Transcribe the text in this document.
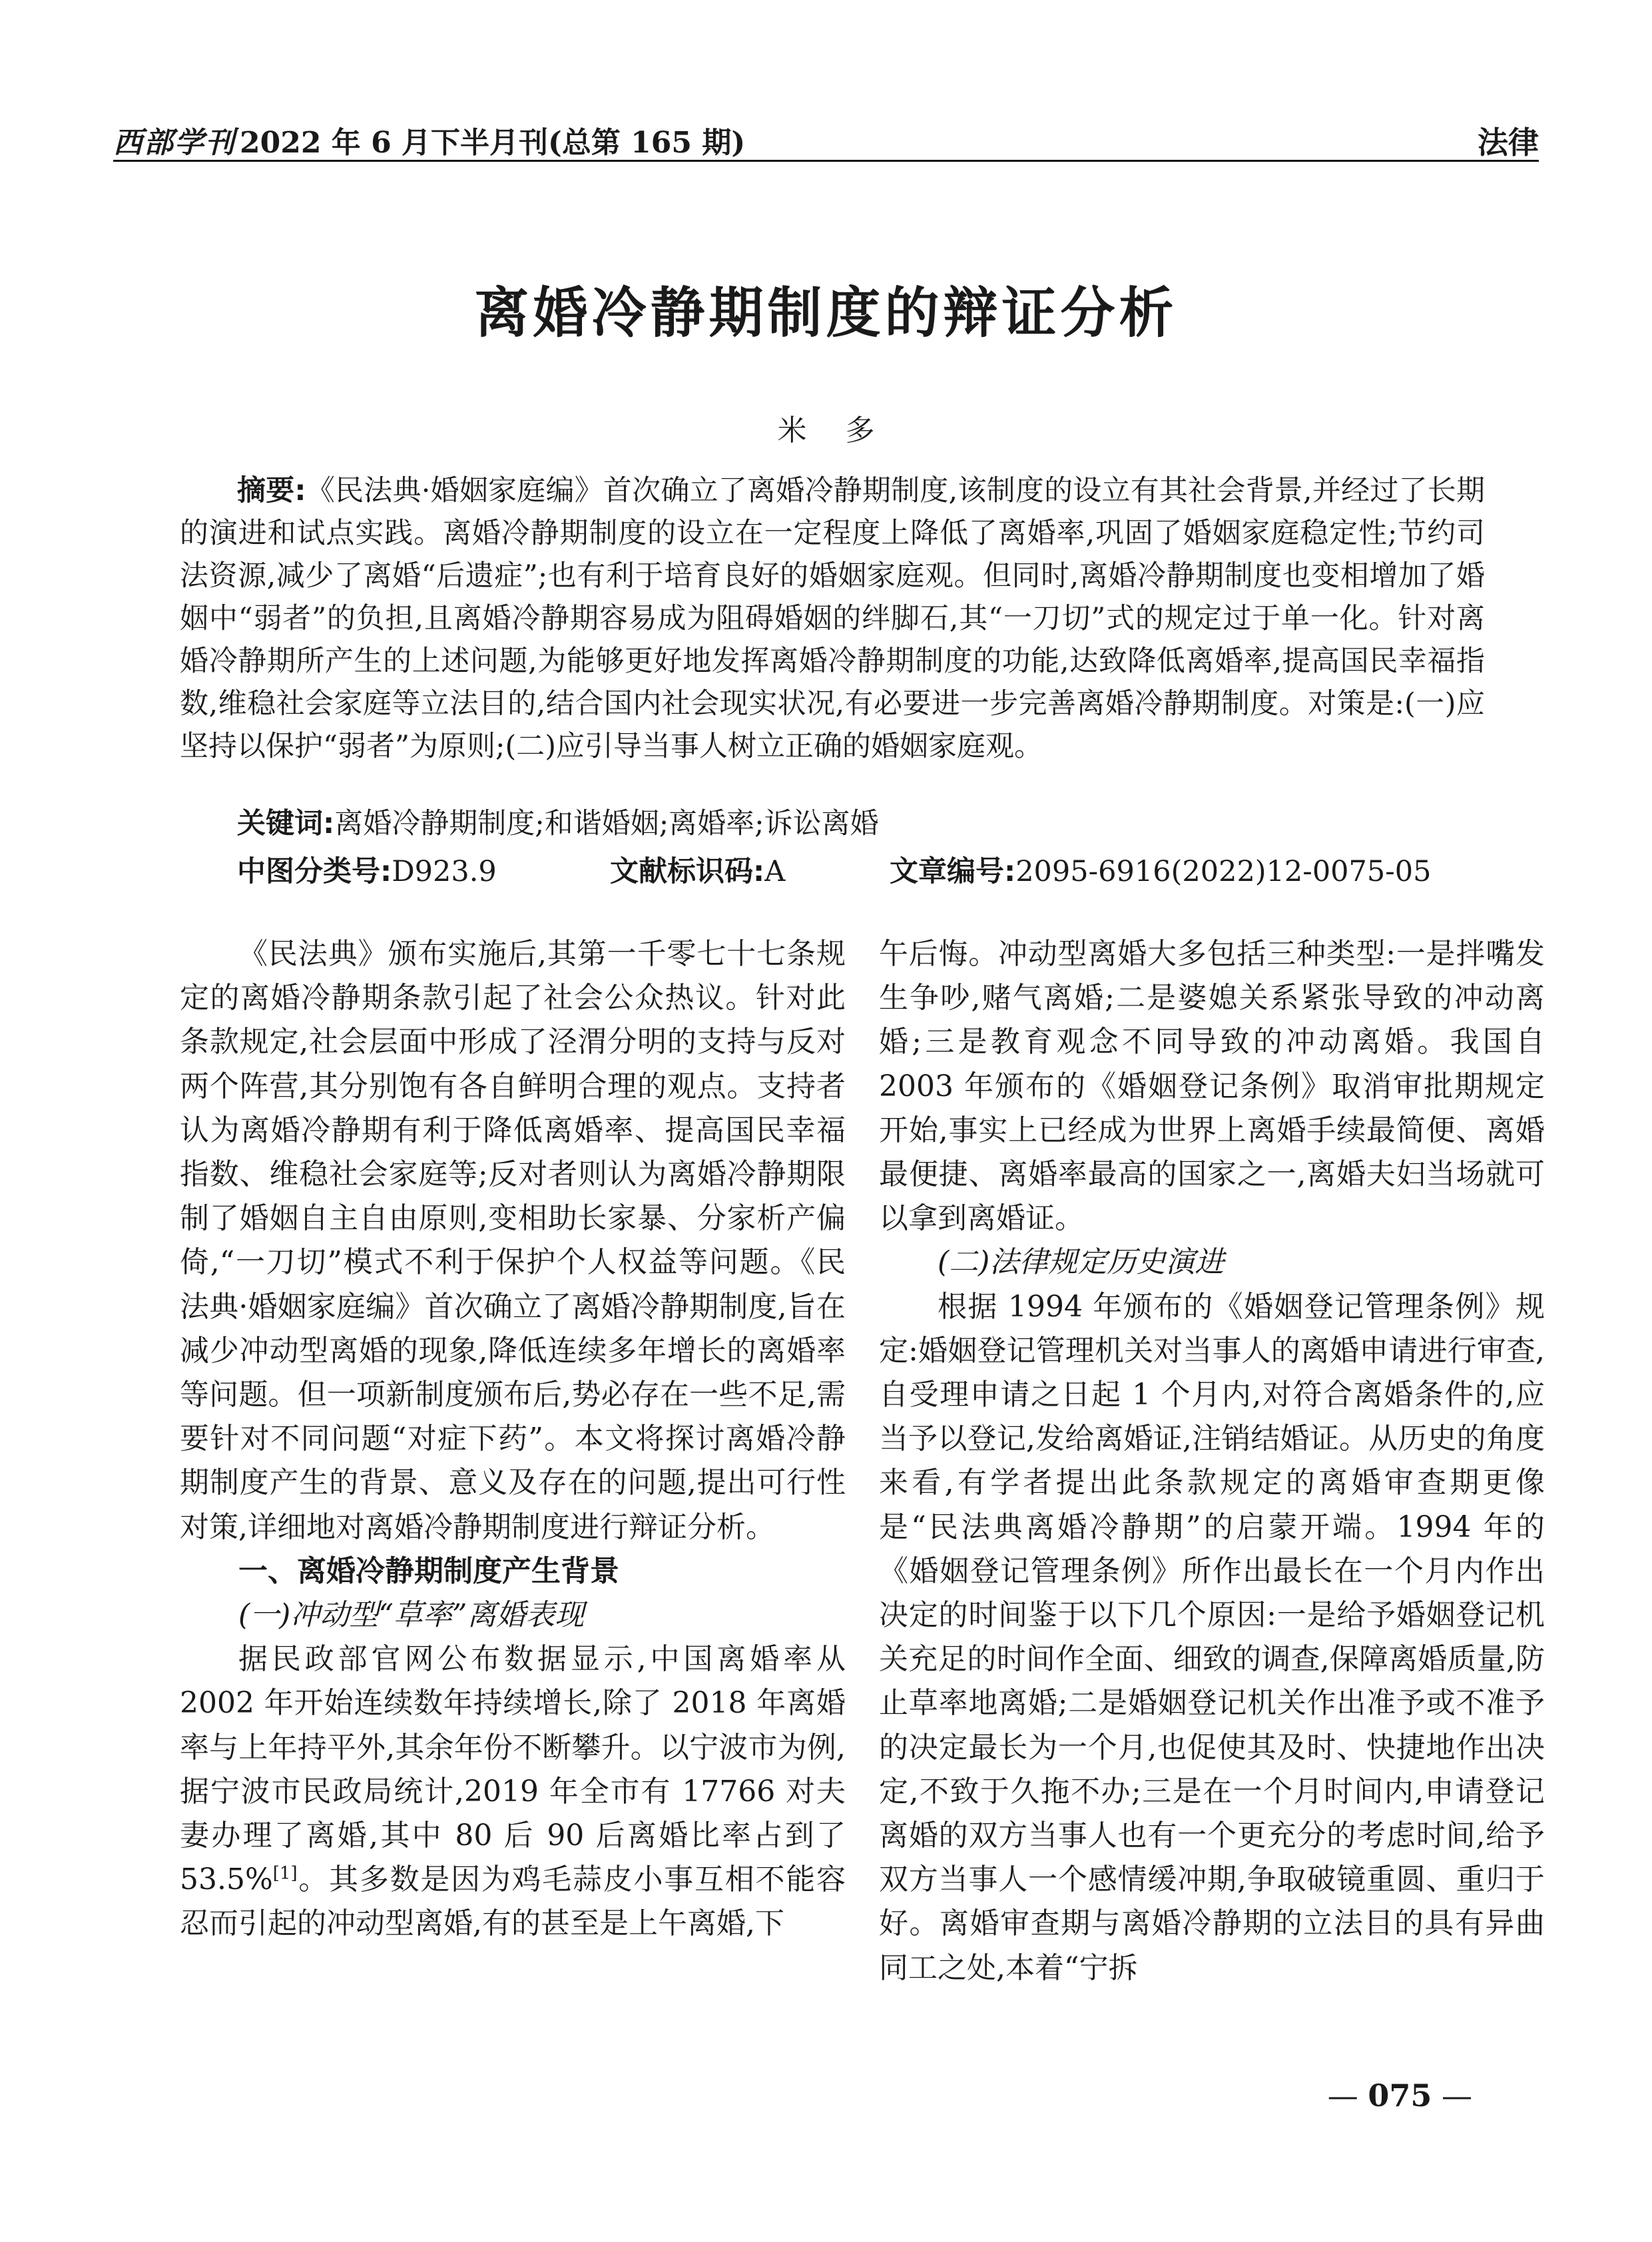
西部学刊 2022 年 6 月下半月刊(总第 165 期)	法律
离婚冷静期制度的辩证分析
米多
摘要:《民法典·婚姻家庭编》首次确立了离婚冷静期制度,该制度的设立有其社会背景,并经过了长期的演进和试点实践。离婚冷静期制度的设立在一定程度上降低了离婚率,巩固了婚姻家庭稳定性;节约司法资源,减少了离婚“后遗症”;也有利于培育良好的婚姻家庭观。但同时,离婚冷静期制度也变相增加了婚姻中“弱者”的负担,且离婚冷静期容易成为阻碍婚姻的绊脚石,其“一刀切”式的规定过于单一化。针对离婚冷静期所产生的上述问题,为能够更好地发挥离婚冷静期制度的功能,达致降低离婚率,提高国民幸福指数,维稳社会家庭等立法目的,结合国内社会现实状况,有必要进一步完善离婚冷静期制度。对策是:(一)应坚持以保护“弱者”为原则;(二)应引导当事人树立正确的婚姻家庭观。
关键词:离婚冷静期制度;和谐婚姻;离婚率;诉讼离婚
中图分类号:D923.9	文献标识码:A	文章编号:2095-6916(2022)12-0075-05

《民法典》颁布实施后,其第一千零七十七条规定的离婚冷静期条款引起了社会公众热议。针对此条款规定,社会层面中形成了泾渭分明的支持与反对两个阵营,其分别饱有各自鲜明合理的观点。支持者认为离婚冷静期有利于降低离婚率、提高国民幸福指数、维稳社会家庭等;反对者则认为离婚冷静期限制了婚姻自主自由原则,变相助长家暴、分家析产偏倚,“一刀切”模式不利于保护个人权益等问题。《民法典·婚姻家庭编》首次确立了离婚冷静期制度,旨在减少冲动型离婚的现象,降低连续多年增长的离婚率等问题。但一项新制度颁布后,势必存在一些不足,需要针对不同问题“对症下药”。本文将探讨离婚冷静期制度产生的背景、意义及存在的问题,提出可行性对策,详细地对离婚冷静期制度进行辩证分析。

一、离婚冷静期制度产生背景

(一)冲动型“草率”离婚表现

据民政部官网公布数据显示,中国离婚率从 2002 年开始连续数年持续增长,除了 2018 年离婚率与上年持平外,其余年份不断攀升。以宁波市为例,据宁波市民政局统计,2019 年全市有 17766 对夫妻办理了离婚,其中 80 后 90 后离婚比率占到了 53.5%[1]。其多数是因为鸡毛蒜皮小事互相不能容忍而引起的冲动型离婚,有的甚至是上午离婚,下

午后悔。冲动型离婚大多包括三种类型:一是拌嘴发生争吵,赌气离婚;二是婆媳关系紧张导致的冲动离婚;三是教育观念不同导致的冲动离婚。我国自 2003 年颁布的《婚姻登记条例》取消审批期规定开始,事实上已经成为世界上离婚手续最简便、离婚最便捷、离婚率最高的国家之一,离婚夫妇当场就可以拿到离婚证。

(二)法律规定历史演进

根据 1994 年颁布的《婚姻登记管理条例》规定:婚姻登记管理机关对当事人的离婚申请进行审查,自受理申请之日起 1 个月内,对符合离婚条件的,应当予以登记,发给离婚证,注销结婚证。从历史的角度来看,有学者提出此条款规定的离婚审查期更像是“民法典离婚冷静期”的启蒙开端。1994 年的《婚姻登记管理条例》所作出最长在一个月内作出决定的时间鉴于以下几个原因:一是给予婚姻登记机关充足的时间作全面、细致的调查,保障离婚质量,防止草率地离婚;二是婚姻登记机关作出准予或不准予的决定最长为一个月,也促使其及时、快捷地作出决定,不致于久拖不办;三是在一个月时间内,申请登记离婚的双方当事人也有一个更充分的考虑时间,给予双方当事人一个感情缓冲期,争取破镜重圆、重归于好。离婚审查期与离婚冷静期的立法目的具有异曲同工之处,本着“宁拆

— 075 —
